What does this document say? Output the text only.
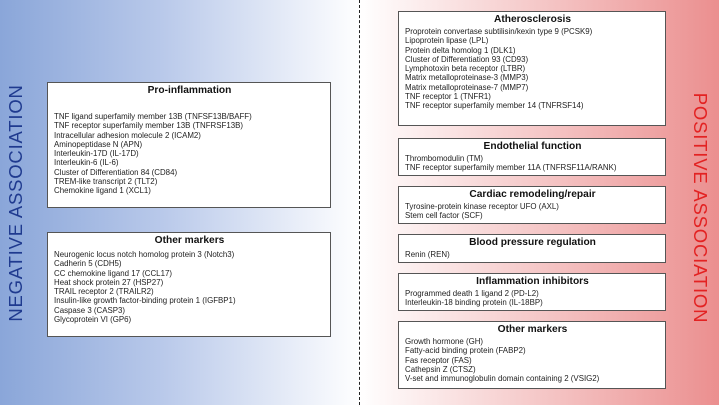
NEGATIVE ASSOCIATION	POSITIVE ASSOCIATION
Pro-inflammation
TNF ligand superfamily member 13B (TNFSF13B/BAFF)
TNF receptor superfamily member 13B (TNFRSF13B)
Intracellular adhesion molecule 2 (ICAM2)
Aminopeptidase N (APN)
Interleukin-17D (IL-17D)
Interleukin-6 (IL-6)
Cluster of Differentiation 84 (CD84)
TREM-like transcript 2 (TLT2)
Chemokine ligand 1 (XCL1)
Other markers
Neurogenic locus notch homolog protein 3 (Notch3)
Cadherin 5 (CDH5)
CC chemokine ligand 17 (CCL17)
Heat shock protein 27 (HSP27)
TRAIL receptor 2 (TRAILR2)
Insulin-like growth factor-binding protein 1 (IGFBP1)
Caspase 3 (CASP3)
Glycoprotein VI (GP6)
Atherosclerosis
Proprotein convertase subtilisin/kexin type 9 (PCSK9)
Lipoprotein lipase (LPL)
Protein delta homolog 1 (DLK1)
Cluster of Differentiation 93 (CD93)
Lymphotoxin beta receptor (LTBR)
Matrix metalloproteinase-3 (MMP3)
Matrix metalloproteinase-7 (MMP7)
TNF receptor 1 (TNFR1)
TNF receptor superfamily member 14 (TNFRSF14)
Endothelial function
Thrombomodulin (TM)
TNF receptor superfamily member 11A (TNFRSF11A/RANK)
Cardiac remodeling/repair
Tyrosine-protein kinase receptor UFO (AXL)
Stem cell factor (SCF)
Blood pressure regulation
Renin (REN)
Inflammation inhibitors
Programmed death 1 ligand 2 (PD-L2)
Interleukin-18 binding protein (IL-18BP)
Other markers
Growth hormone (GH)
Fatty-acid binding protein (FABP2)
Fas receptor (FAS)
Cathepsin Z (CTSZ)
V-set and immunoglobulin domain containing 2 (VSIG2)
